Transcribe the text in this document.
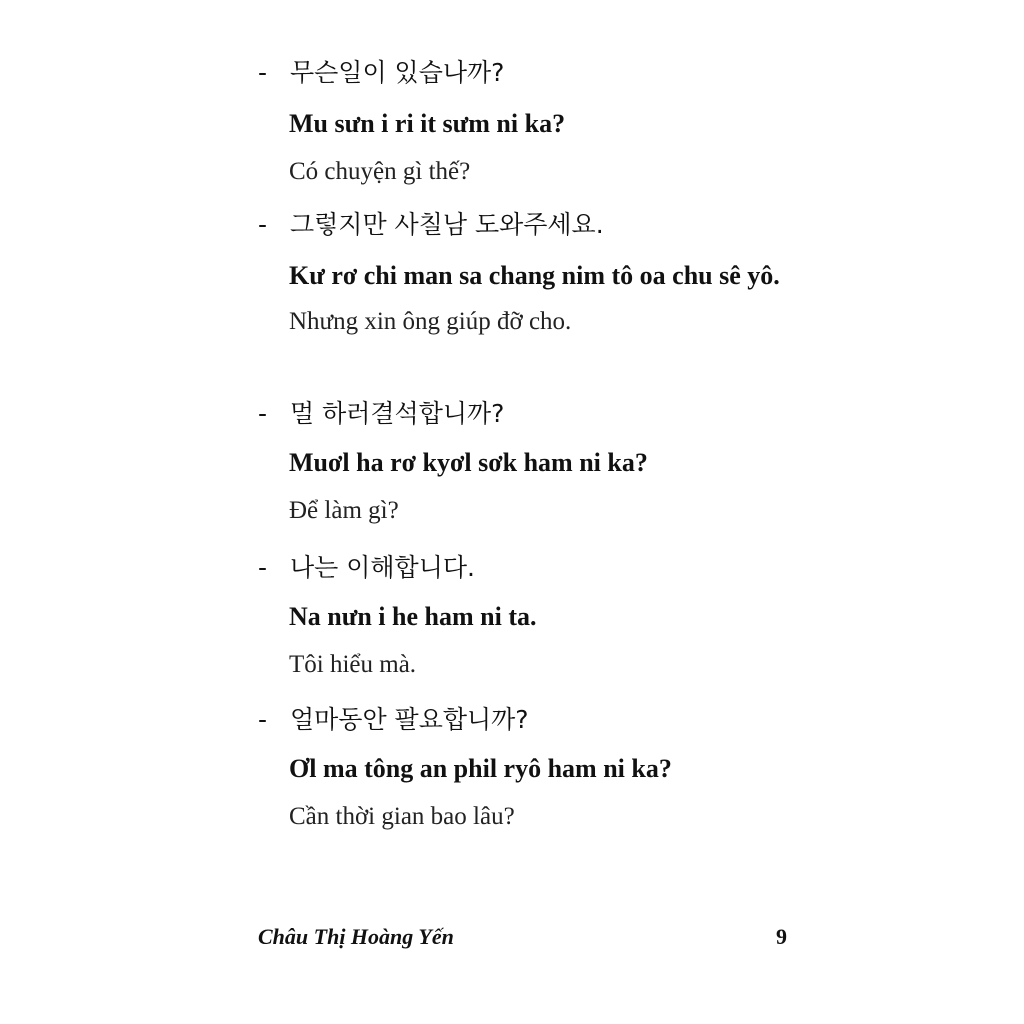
- 무슨일이 있습나까?
Mu sưn i ri it sưm ni ka?
Có chuyện gì thế?
- 그렇지만 사칠남 도와주세요.
Kư rơ chi man sa chang nim tô oa chu sê yô.
Nhưng xin ông giúp đỡ cho.
- 멀 하러결석합니까?
Muơl ha rơ kyơl sơk ham ni ka?
Để làm gì?
- 나는 이해합니다.
Na nưn i he ham ni ta.
Tôi hiểu mà.
- 얼마동안 팔요합니까?
Ơl ma tông an phil ryô ham ni ka?
Cần thời gian bao lâu?
Châu Thị Hoàng Yến	9
